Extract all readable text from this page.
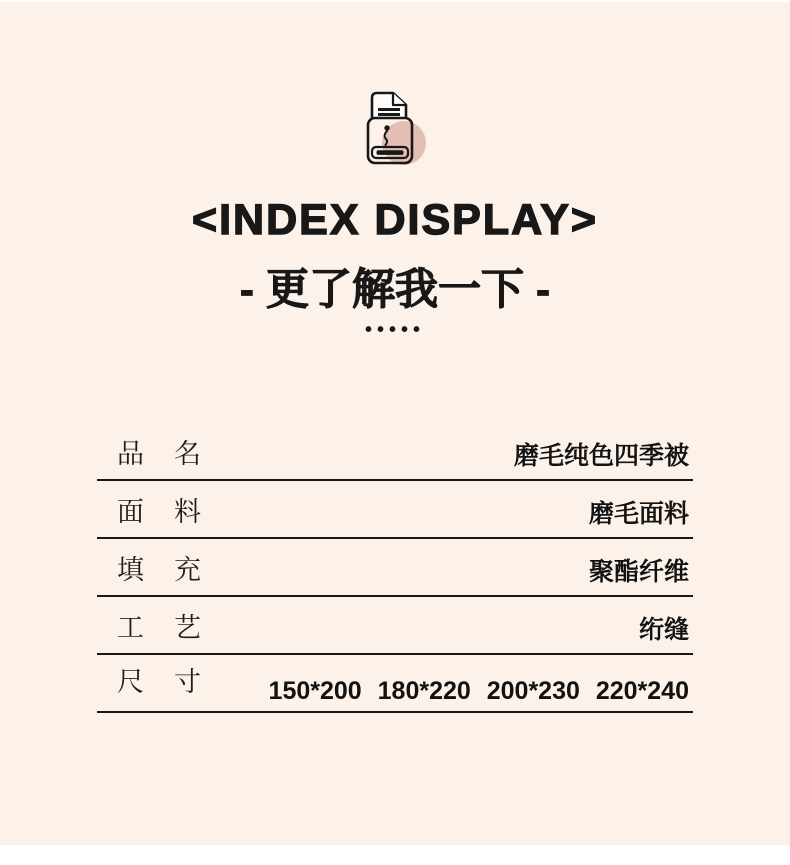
<INDEX DISPLAY>
- 更了解我一下 -
•••••
品名	磨毛纯色四季被
面料	磨毛面料
填充	聚酯纤维
工艺	绗缝
尺寸 150*200 180*220 200*230 220*240
